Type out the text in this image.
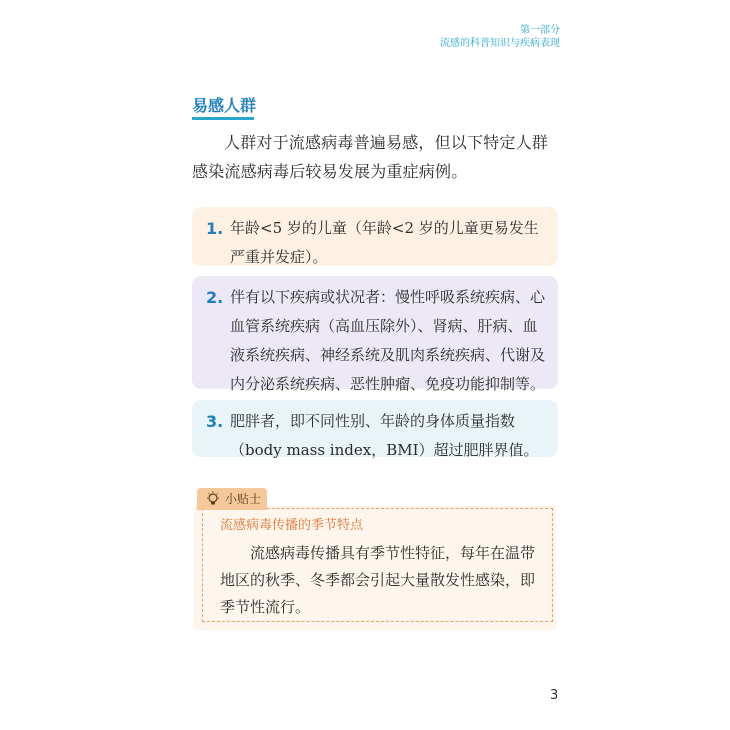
第一部分
流感的科普知识与疾病表现
易感人群
人群对于流感病毒普遍易感，但以下特定人群感染流感病毒后较易发展为重症病例。
1. 年龄<5 岁的儿童（年龄<2 岁的儿童更易发生严重并发症）。
2. 伴有以下疾病或状况者：慢性呼吸系统疾病、心血管系统疾病（高血压除外）、肾病、肝病、血液系统疾病、神经系统及肌肉系统疾病、代谢及内分泌系统疾病、恶性肿瘤、免疫功能抑制等。
3. 肥胖者，即不同性别、年龄的身体质量指数（body mass index，BMI）超过肥胖界值。
小贴士
流感病毒传播的季节特点
流感病毒传播具有季节性特征，每年在温带地区的秋季、冬季都会引起大量散发性感染，即季节性流行。
3
